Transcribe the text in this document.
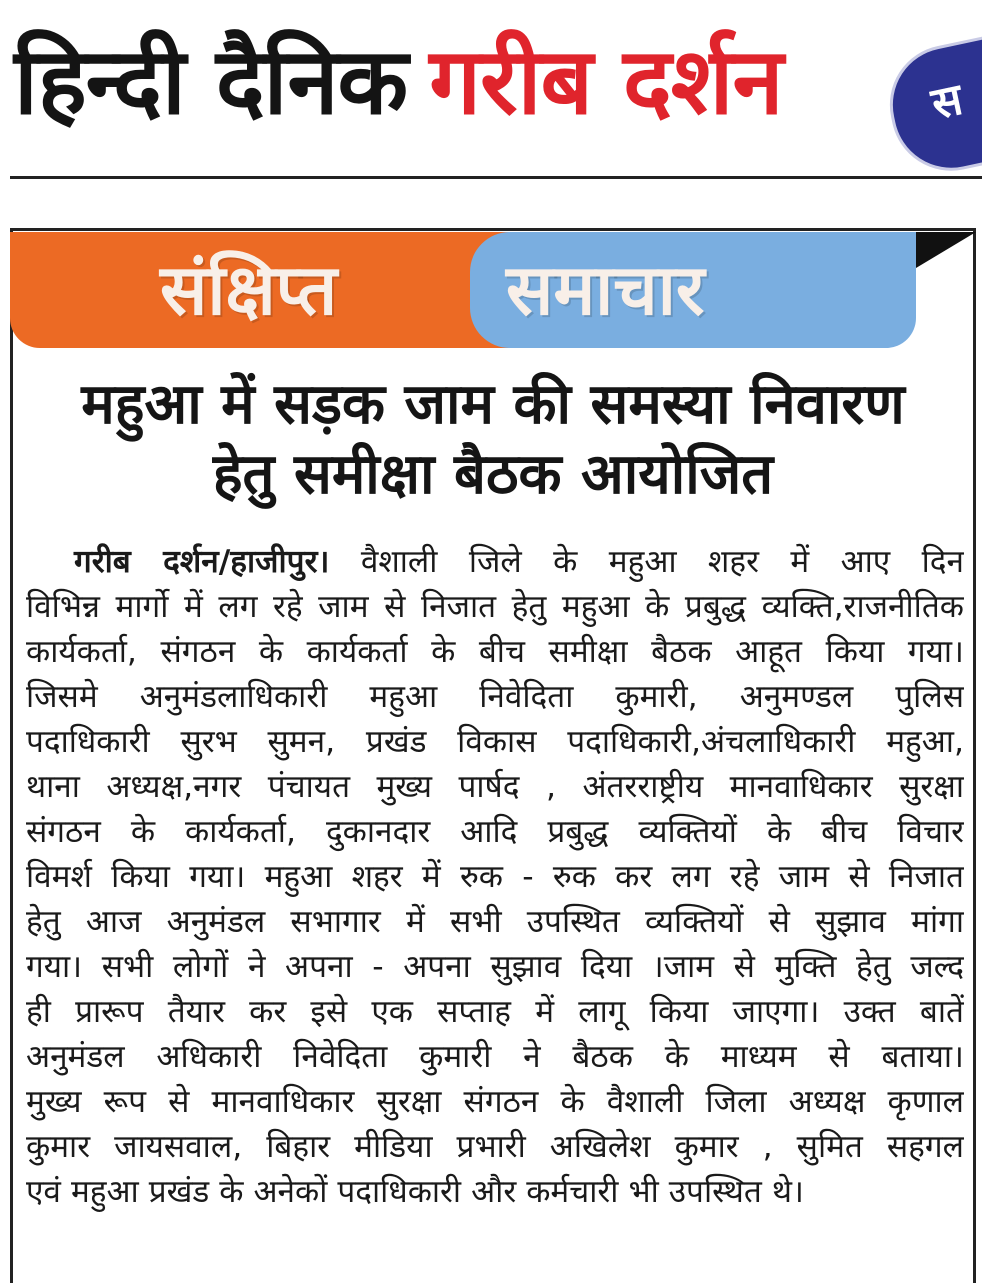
हिन्दी दैनिक गरीब दर्शन	स
संक्षिप्त समाचार
महुआ में सड़क जाम की समस्या निवारण
हेतु समीक्षा बैठक आयोजित
गरीब दर्शन/हाजीपुर। वैशाली जिले के महुआ शहर में आए दिन
विभिन्न मार्गो में लग रहे जाम से निजात हेतु महुआ के प्रबुद्ध व्यक्ति,राजनीतिक
कार्यकर्ता, संगठन के कार्यकर्ता के बीच समीक्षा बैठक आहूत किया गया।
जिसमे अनुमंडलाधिकारी महुआ निवेदिता कुमारी, अनुमण्डल पुलिस
पदाधिकारी सुरभ सुमन, प्रखंड विकास पदाधिकारी,अंचलाधिकारी महुआ,
थाना अध्यक्ष,नगर पंचायत मुख्य पार्षद , अंतरराष्ट्रीय मानवाधिकार सुरक्षा
संगठन के कार्यकर्ता, दुकानदार आदि प्रबुद्ध व्यक्तियों के बीच विचार
विमर्श किया गया। महुआ शहर में रुक - रुक कर लग रहे जाम से निजात
हेतु आज अनुमंडल सभागार में सभी उपस्थित व्यक्तियों से सुझाव मांगा
गया। सभी लोगों ने अपना - अपना सुझाव दिया ।जाम से मुक्ति हेतु जल्द
ही प्रारूप तैयार कर इसे एक सप्ताह में लागू किया जाएगा। उक्त बातें
अनुमंडल अधिकारी निवेदिता कुमारी ने बैठक के माध्यम से बताया।
मुख्य रूप से मानवाधिकार सुरक्षा संगठन के वैशाली जिला अध्यक्ष कृणाल
कुमार जायसवाल, बिहार मीडिया प्रभारी अखिलेश कुमार , सुमित सहगल
एवं महुआ प्रखंड के अनेकों पदाधिकारी और कर्मचारी भी उपस्थित थे।
